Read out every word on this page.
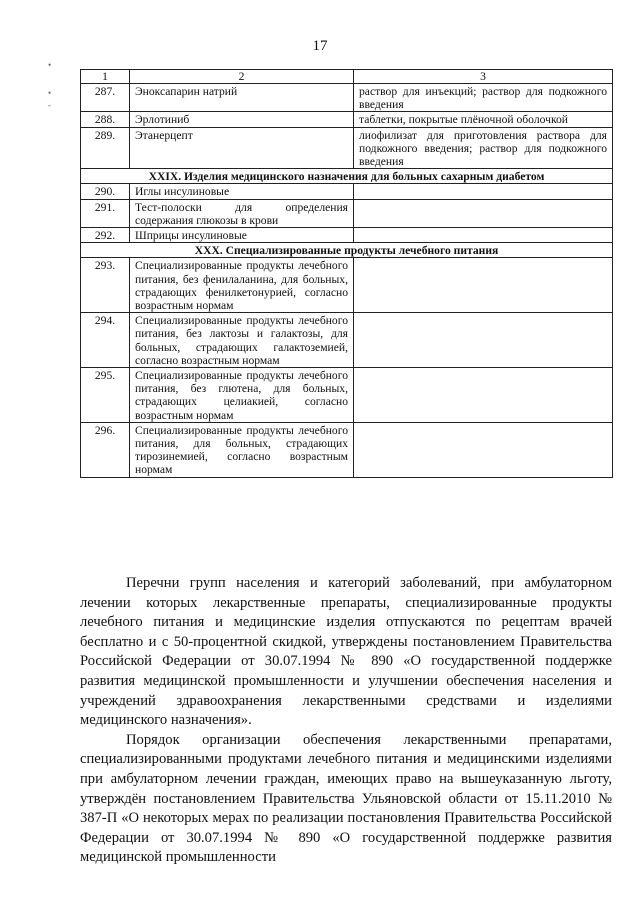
17
•
•
-
1	2	3
287.	Эноксапарин натрий	раствор для инъекций; раствор для подкожного введения
288.	Эрлотиниб	таблетки, покрытые плёночной оболочкой
289.	Этанерцепт	лиофилизат для приготовления раствора для подкожного введения; раствор для подкожного введения
XXIX. Изделия медицинского назначения для больных сахарным диабетом		
290.	Иглы инсулиновые	
291.	Тест-полоски для определения содержания глюкозы в крови	
292.	Шприцы инсулиновые	
XXX. Специализированные продукты лечебного питания		
293.	Специализированные продукты лечебного питания, без фенилаланина, для больных, страдающих фенилкетонурией, согласно возрастным нормам	
294.	Специализированные продукты лечебного питания, без лактозы и галактозы, для больных, страдающих галактоземией, согласно возрастным нормам	
295.	Специализированные продукты лечебного питания, без глютена, для больных, страдающих целиакией, согласно возрастным нормам	
296.	Специализированные продукты лечебного питания, для больных, страдающих тирозинемией, согласно возрастным нормам	

Перечни групп населения и категорий заболеваний, при амбулаторном лечении которых лекарственные препараты, специализированные продукты лечебного питания и медицинские изделия отпускаются по рецептам врачей бесплатно и с 50-процентной скидкой, утверждены постановлением Правительства Российской Федерации от 30.07.1994 № 890 «О государственной поддержке развития медицинской промышленности и улучшении обеспечения населения и учреждений здравоохранения лекарственными средствами и изделиями медицинского назначения».

Порядок организации обеспечения лекарственными препаратами, специализированными продуктами лечебного питания и медицинскими изделиями при амбулаторном лечении граждан, имеющих право на вышеуказанную льготу, утверждён постановлением Правительства Ульяновской области от 15.11.2010 № 387-П «О некоторых мерах по реализации постановления Правительства Российской Федерации от 30.07.1994 № 890 «О государственной поддержке развития медицинской промышленности
